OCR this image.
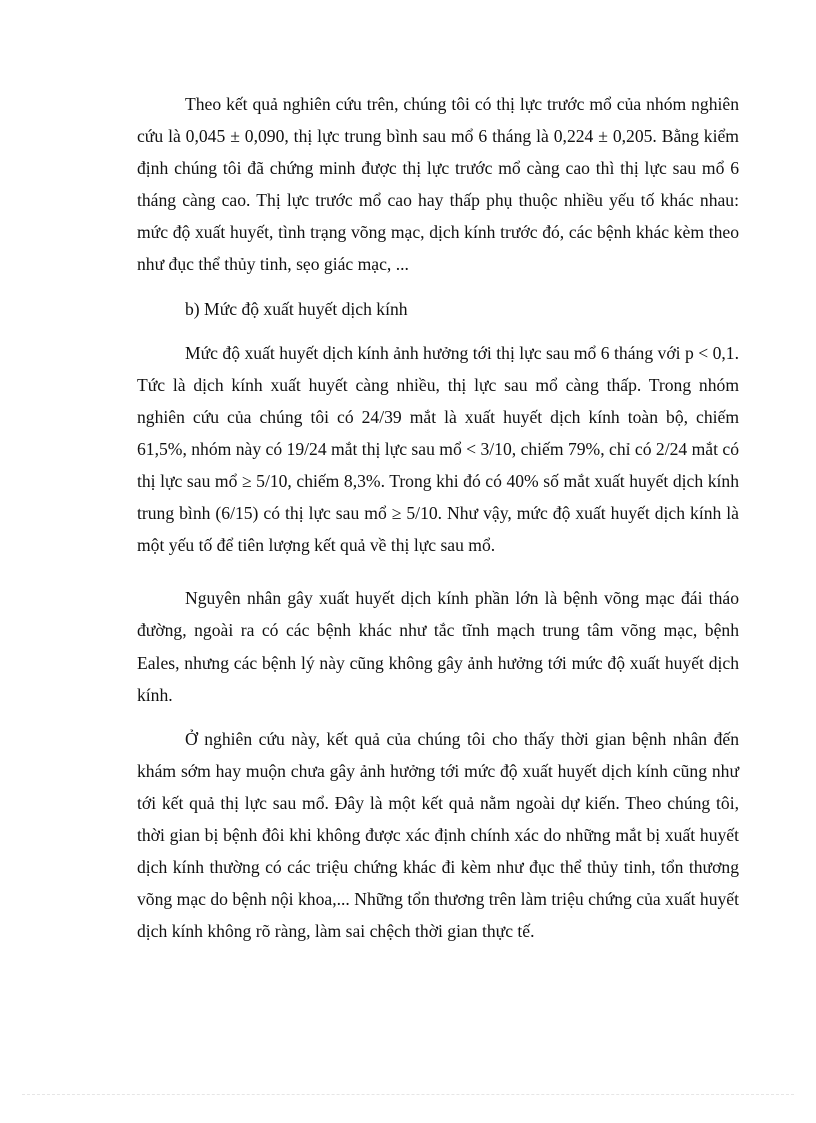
Theo kết quả nghiên cứu trên, chúng tôi có thị lực trước mổ của nhóm nghiên cứu là 0,045 ± 0,090, thị lực trung bình sau mổ 6 tháng là 0,224 ± 0,205. Bằng kiểm định chúng tôi đã chứng minh được thị lực trước mổ càng cao thì thị lực sau mổ 6 tháng càng cao. Thị lực trước mổ cao hay thấp phụ thuộc nhiều yếu tố khác nhau: mức độ xuất huyết, tình trạng võng mạc, dịch kính trước đó, các bệnh khác kèm theo như đục thể thủy tinh, sẹo giác mạc, ...

b) Mức độ xuất huyết dịch kính

Mức độ xuất huyết dịch kính ảnh hưởng tới thị lực sau mổ 6 tháng với p < 0,1. Tức là dịch kính xuất huyết càng nhiều, thị lực sau mổ càng thấp. Trong nhóm nghiên cứu của chúng tôi có 24/39 mắt là xuất huyết dịch kính toàn bộ, chiếm 61,5%, nhóm này có 19/24 mắt thị lực sau mổ < 3/10, chiếm 79%, chỉ có 2/24 mắt có thị lực sau mổ ≥ 5/10, chiếm 8,3%. Trong khi đó có 40% số mắt xuất huyết dịch kính trung bình (6/15) có thị lực sau mổ ≥ 5/10. Như vậy, mức độ xuất huyết dịch kính là một yếu tố để tiên lượng kết quả về thị lực sau mổ.

Nguyên nhân gây xuất huyết dịch kính phần lớn là bệnh võng mạc đái tháo đường, ngoài ra có các bệnh khác như tắc tĩnh mạch trung tâm võng mạc, bệnh Eales, nhưng các bệnh lý này cũng không gây ảnh hưởng tới mức độ xuất huyết dịch kính.

Ở nghiên cứu này, kết quả của chúng tôi cho thấy thời gian bệnh nhân đến khám sớm hay muộn chưa gây ảnh hưởng tới mức độ xuất huyết dịch kính cũng như tới kết quả thị lực sau mổ. Đây là một kết quả nằm ngoài dự kiến. Theo chúng tôi, thời gian bị bệnh đôi khi không được xác định chính xác do những mắt bị xuất huyết dịch kính thường có các triệu chứng khác đi kèm như đục thể thủy tinh, tổn thương võng mạc do bệnh nội khoa,... Những tổn thương trên làm triệu chứng của xuất huyết dịch kính không rõ ràng, làm sai chệch thời gian thực tế.
